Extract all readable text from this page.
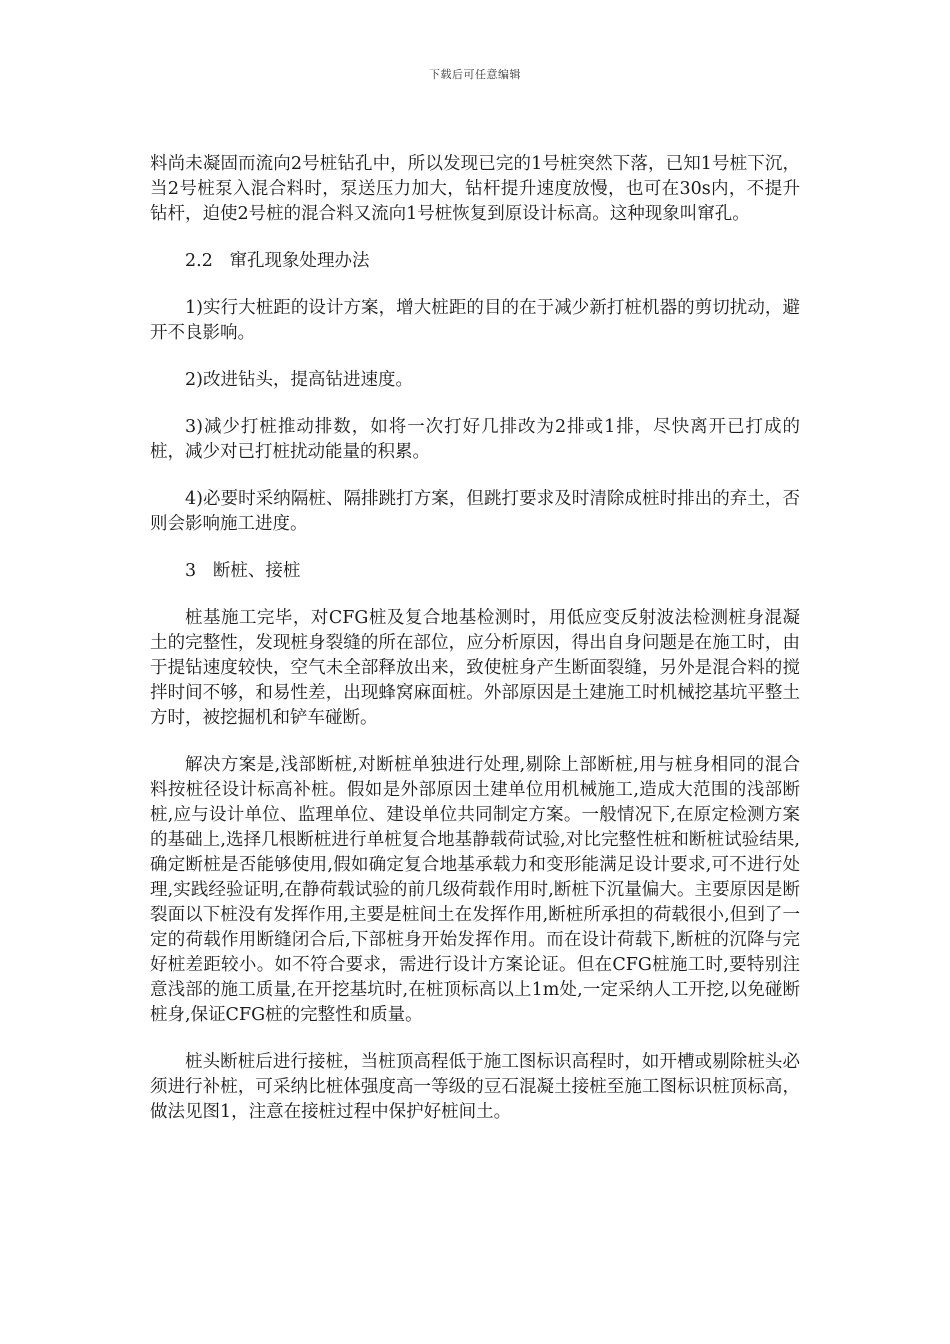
下载后可任意编辑

料尚未凝固而流向2号桩钻孔中，所以发现已完的1号桩突然下落，已知1号桩下沉，当2号桩泵入混合料时，泵送压力加大，钻杆提升速度放慢，也可在30s内，不提升钻杆，迫使2号桩的混合料又流向1号桩恢复到原设计标高。这种现象叫窜孔。

2.2   窜孔现象处理办法

1)实行大桩距的设计方案，增大桩距的目的在于减少新打桩机器的剪切扰动，避开不良影响。

2)改进钻头，提高钻进速度。

3)减少打桩推动排数，如将一次打好几排改为2排或1排，尽快离开已打成的桩，减少对已打桩扰动能量的积累。

4)必要时采纳隔桩、隔排跳打方案，但跳打要求及时清除成桩时排出的弃土，否则会影响施工进度。

3   断桩、接桩

桩基施工完毕，对CFG桩及复合地基检测时，用低应变反射波法检测桩身混凝土的完整性，发现桩身裂缝的所在部位，应分析原因，得出自身问题是在施工时，由于提钻速度较快，空气未全部释放出来，致使桩身产生断面裂缝，另外是混合料的搅拌时间不够，和易性差，出现蜂窝麻面桩。外部原因是土建施工时机械挖基坑平整土方时，被挖掘机和铲车碰断。

解决方案是,浅部断桩,对断桩单独进行处理,剔除上部断桩,用与桩身相同的混合料按桩径设计标高补桩。假如是外部原因土建单位用机械施工,造成大范围的浅部断桩,应与设计单位、监理单位、建设单位共同制定方案。一般情况下,在原定检测方案的基础上,选择几根断桩进行单桩复合地基静载荷试验,对比完整性桩和断桩试验结果,确定断桩是否能够使用,假如确定复合地基承载力和变形能满足设计要求,可不进行处理,实践经验证明,在静荷载试验的前几级荷载作用时,断桩下沉量偏大。主要原因是断裂面以下桩没有发挥作用,主要是桩间土在发挥作用,断桩所承担的荷载很小,但到了一定的荷载作用断缝闭合后,下部桩身开始发挥作用。而在设计荷载下,断桩的沉降与完好桩差距较小。如不符合要求，需进行设计方案论证。但在CFG桩施工时,要特别注意浅部的施工质量,在开挖基坑时,在桩顶标高以上1m处,一定采纳人工开挖,以免碰断桩身,保证CFG桩的完整性和质量。

桩头断桩后进行接桩，当桩顶高程低于施工图标识高程时，如开槽或剔除桩头必须进行补桩，可采纳比桩体强度高一等级的豆石混凝土接桩至施工图标识桩顶标高，做法见图1，注意在接桩过程中保护好桩间土。
